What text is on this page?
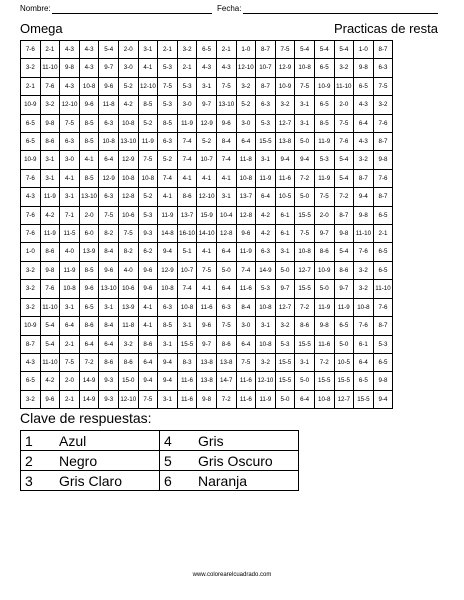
Nombre:	Fecha:
Omega	Practicas de resta
7-6	2-1	4-3	4-3	5-4	2-0	3-1	2-1	3-2	6-5	2-1	1-0	8-7	7-5	5-4	5-4	5-4	1-0	8-7
3-2	11-10	9-8	4-3	9-7	3-0	4-1	5-3	2-1	4-3	4-3	12-10	10-7	12-9	10-8	6-5	3-2	9-8	6-3
2-1	7-6	4-3	10-8	9-6	5-2	12-10	7-5	5-3	3-1	7-5	3-2	8-7	10-9	7-5	10-9	11-10	6-5	7-5
10-9	3-2	12-10	9-6	11-8	4-2	8-5	5-3	3-0	9-7	13-10	5-2	6-3	3-2	3-1	6-5	2-0	4-3	3-2
6-5	9-8	7-5	8-5	6-3	10-8	5-2	8-5	11-9	12-9	9-6	3-0	5-3	12-7	3-1	8-5	7-5	6-4	7-6
6-5	8-6	6-3	8-5	10-8	13-10	11-9	6-3	7-4	5-2	8-4	6-4	15-5	13-8	5-0	11-9	7-6	4-3	8-7
10-9	3-1	3-0	4-1	6-4	12-9	7-5	5-2	7-4	10-7	7-4	11-8	3-1	9-4	9-4	5-3	5-4	3-2	9-8
7-6	3-1	4-1	8-5	12-9	10-8	10-8	7-4	4-1	4-1	4-1	10-8	11-9	11-6	7-2	11-9	5-4	8-7	7-6
4-3	11-9	3-1	13-10	6-3	12-8	5-2	4-1	8-6	12-10	3-1	13-7	6-4	10-5	5-0	7-5	7-2	9-4	8-7
7-6	4-2	7-1	2-0	7-5	10-6	5-3	11-9	13-7	15-9	10-4	12-8	4-2	6-1	15-5	2-0	8-7	9-8	6-5
7-6	11-9	11-5	6-0	8-2	7-5	9-3	14-8	16-10	14-10	12-8	9-6	4-2	6-1	7-5	9-7	9-8	11-10	2-1
1-0	8-6	4-0	13-9	8-4	8-2	6-2	9-4	5-1	4-1	6-4	11-9	6-3	3-1	10-8	8-6	5-4	7-6	6-5
3-2	9-8	11-9	8-5	9-6	4-0	9-6	12-9	10-7	7-5	5-0	7-4	14-9	5-0	12-7	10-9	8-6	3-2	6-5
3-2	7-6	10-8	9-6	13-10	10-6	9-6	10-8	7-4	4-1	6-4	11-6	5-3	9-7	15-5	5-0	9-7	3-2	11-10
3-2	11-10	3-1	6-5	3-1	13-9	4-1	6-3	10-8	11-6	6-3	8-4	10-8	12-7	7-2	11-9	11-9	10-8	7-6
10-9	5-4	6-4	8-6	8-4	11-8	4-1	8-5	3-1	9-6	7-5	3-0	3-1	3-2	8-6	9-8	6-5	7-6	8-7
8-7	5-4	2-1	6-4	6-4	3-2	8-6	3-1	15-5	9-7	8-6	6-4	10-8	5-3	15-5	11-6	5-0	6-1	5-3
4-3	11-10	7-5	7-2	8-6	8-6	6-4	9-4	8-3	13-8	13-8	7-5	3-2	15-5	3-1	7-2	10-5	6-4	6-5
6-5	4-2	2-0	14-9	9-3	15-0	9-4	9-4	11-6	13-8	14-7	11-6	12-10	15-5	5-0	15-5	15-5	6-5	9-8
3-2	9-6	2-1	14-9	9-3	12-10	7-5	3-1	11-6	9-8	7-2	11-6	11-9	5-0	6-4	10-8	12-7	15-5	9-4
Clave de respuestas:
1	Azul	4	Gris
2	Negro	5	Gris Oscuro
3	Gris Claro	6	Naranja
www.colorearelcuadrado.com
